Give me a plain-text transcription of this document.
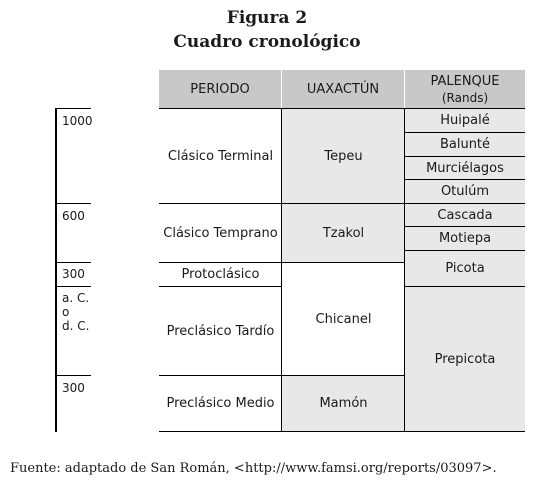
Figura 2
Cuadro cronológico
1000
600
300
a. C.
o
d. C.
300
PERIODO	UAXACTÚN
PALENQUE
(Rands)
Clásico Terminal
Clásico Temprano
Protoclásico
Preclásico Tardío
Preclásico Medio
Tepeu
Tzakol
Chicanel
Mamón
Huipalé
Balunté
Murciélagos
Otulúm
Cascada
Motiepa
Picota
Prepicota
Fuente: adaptado de San Román, <http://www.famsi.org/reports/03097>.
